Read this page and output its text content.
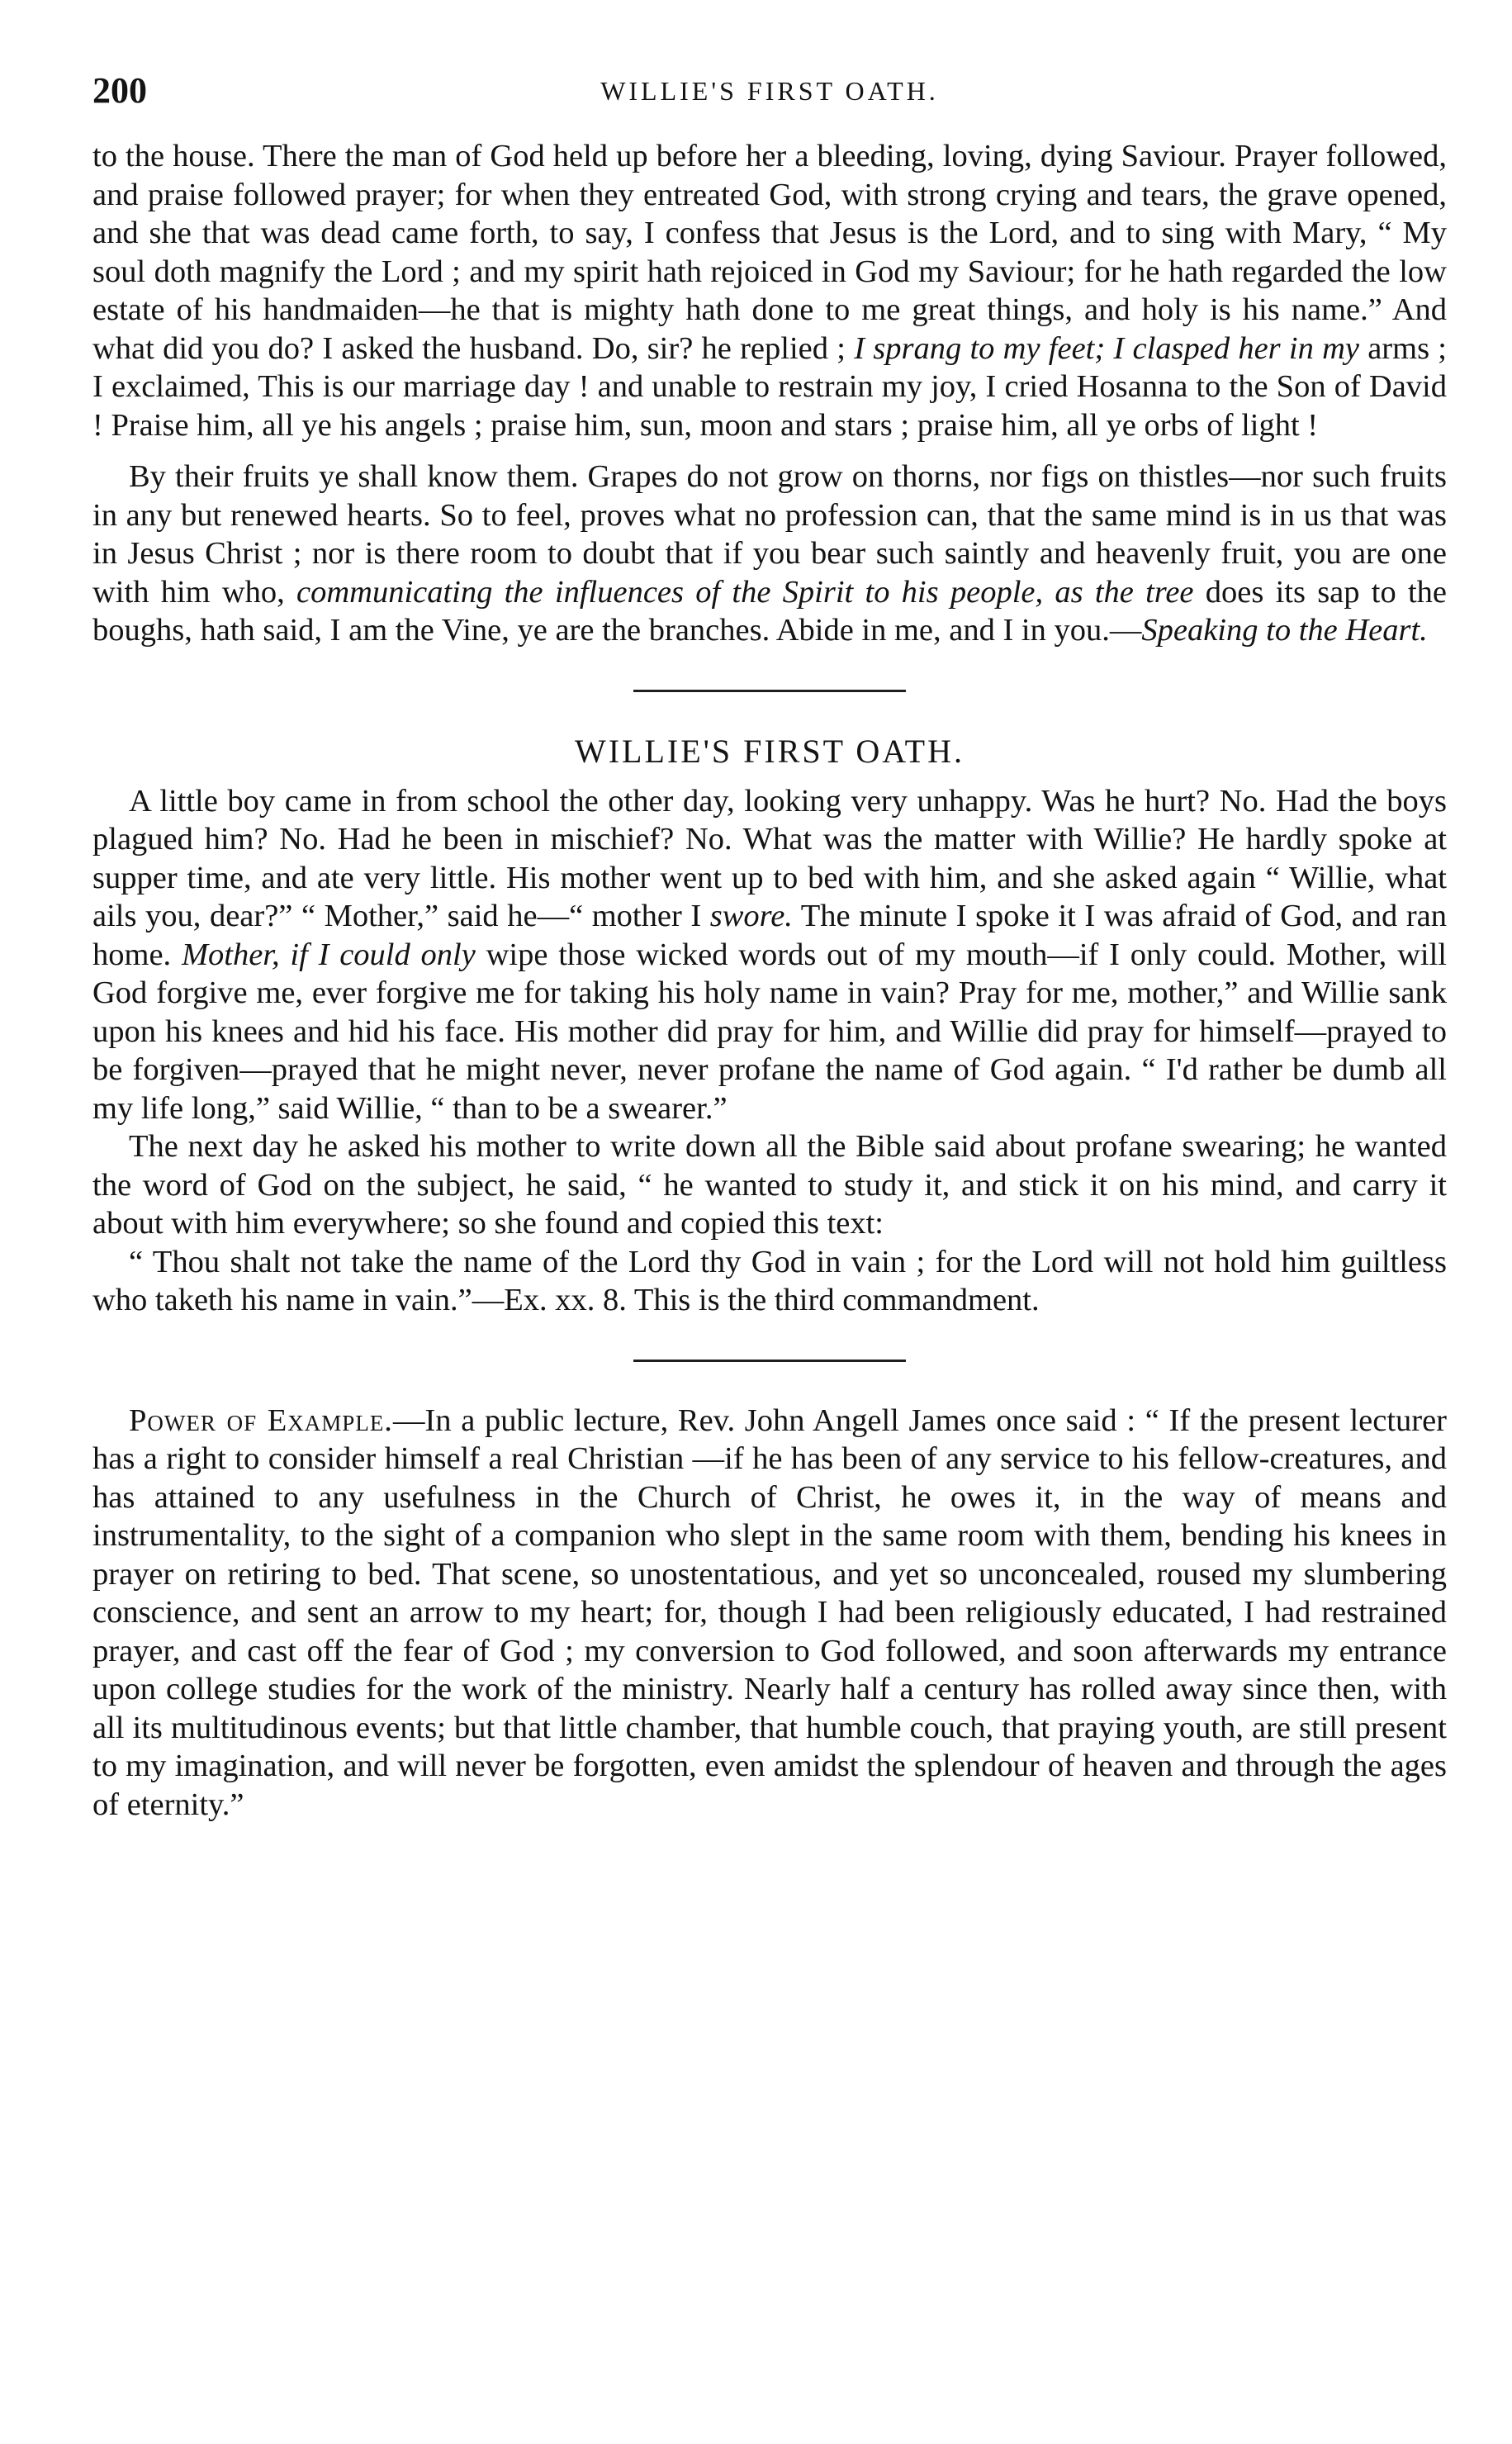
200	WILLIE'S FIRST OATH.

to the house. There the man of God held up before her a bleeding, loving, dying Saviour. Prayer followed, and praise followed prayer; for when they entreated God, with strong crying and tears, the grave opened, and she that was dead came forth, to say, I confess that Jesus is the Lord, and to sing with Mary, “ My soul doth magnify the Lord ; and my spirit hath rejoiced in God my Saviour; for he hath regarded the low estate of his handmaiden—he that is mighty hath done to me great things, and holy is his name.” And what did you do? I asked the husband. Do, sir? he replied ; I sprang to my feet; I clasped her in my arms ; I exclaimed, This is our marriage day ! and unable to restrain my joy, I cried Hosanna to the Son of David ! Praise him, all ye his angels ; praise him, sun, moon and stars ; praise him, all ye orbs of light !

By their fruits ye shall know them. Grapes do not grow on thorns, nor figs on thistles—nor such fruits in any but renewed hearts. So to feel, proves what no profession can, that the same mind is in us that was in Jesus Christ ; nor is there room to doubt that if you bear such saintly and heavenly fruit, you are one with him who, communicating the influences of the Spirit to his people, as the tree does its sap to the boughs, hath said, I am the Vine, ye are the branches. Abide in me, and I in you.—Speaking to the Heart.

WILLIE'S FIRST OATH.

A little boy came in from school the other day, looking very unhappy. Was he hurt? No. Had the boys plagued him? No. Had he been in mischief? No. What was the matter with Willie? He hardly spoke at supper time, and ate very little. His mother went up to bed with him, and she asked again “ Willie, what ails you, dear?” “ Mother,” said he—“ mother I swore. The minute I spoke it I was afraid of God, and ran home. Mother, if I could only wipe those wicked words out of my mouth—if I only could. Mother, will God forgive me, ever forgive me for taking his holy name in vain? Pray for me, mother,” and Willie sank upon his knees and hid his face. His mother did pray for him, and Willie did pray for himself—prayed to be forgiven—prayed that he might never, never profane the name of God again. “ I'd rather be dumb all my life long,” said Willie, “ than to be a swearer.”

The next day he asked his mother to write down all the Bible said about profane swearing; he wanted the word of God on the subject, he said, “ he wanted to study it, and stick it on his mind, and carry it about with him everywhere; so she found and copied this text:

“ Thou shalt not take the name of the Lord thy God in vain ; for the Lord will not hold him guiltless who taketh his name in vain.”—Ex. xx. 8. This is the third commandment.

Power of Example.—In a public lecture, Rev. John Angell James once said : “ If the present lecturer has a right to consider himself a real Christian —if he has been of any service to his fellow-creatures, and has attained to any usefulness in the Church of Christ, he owes it, in the way of means and instrumentality, to the sight of a companion who slept in the same room with them, bending his knees in prayer on retiring to bed. That scene, so unostentatious, and yet so unconcealed, roused my slumbering conscience, and sent an arrow to my heart; for, though I had been religiously educated, I had restrained prayer, and cast off the fear of God ; my conversion to God followed, and soon afterwards my entrance upon college studies for the work of the ministry. Nearly half a century has rolled away since then, with all its multitudinous events; but that little chamber, that humble couch, that praying youth, are still present to my imagination, and will never be forgotten, even amidst the splendour of heaven and through the ages of eternity.”
